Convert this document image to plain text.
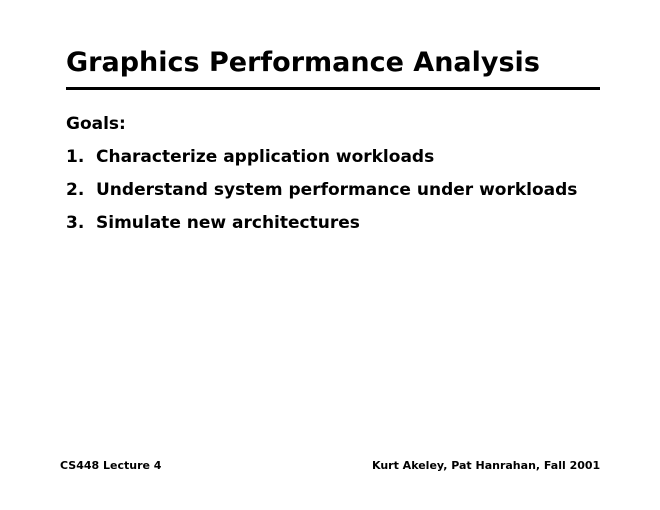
Graphics Performance Analysis
Goals:
1. Characterize application workloads
2. Understand system performance under workloads
3. Simulate new architectures
CS448 Lecture 4	Kurt Akeley, Pat Hanrahan, Fall 2001
